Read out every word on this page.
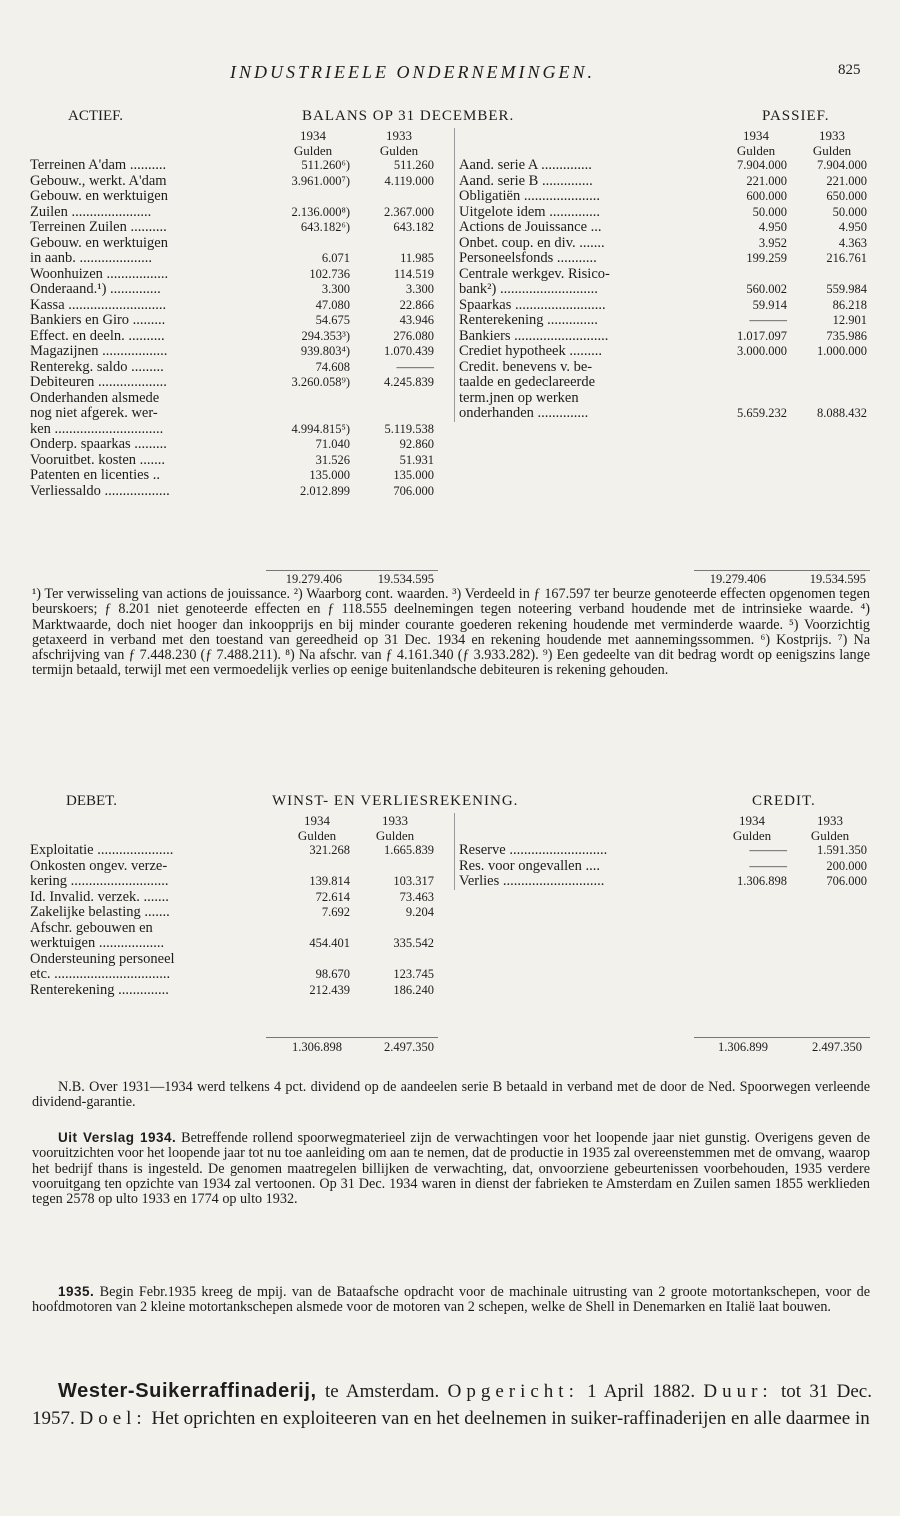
INDUSTRIEELE ONDERNEMINGEN.	825
ACTIEF.	BALANS OP 31 DECEMBER.	PASSIEF.
1934
Gulden
1933
Gulden
Terreinen A'dam ..........	511.260⁶)	511.260
Gebouw., werkt. A'dam	3.961.000⁷)	4.119.000
Gebouw. en werktuigen
Zuilen ......................	2.136.000⁸)	2.367.000
Terreinen Zuilen ..........	643.182⁶)	643.182
Gebouw. en werktuigen
in aanb. ....................	6.071	11.985
Woonhuizen .................	102.736	114.519
Onderaand.¹) ..............	3.300	3.300
Kassa ...........................	47.080	22.866
Bankiers en Giro .........	54.675	43.946
Effect. en deeln. ..........	294.353³)	276.080
Magazijnen ..................	939.803⁴)	1.070.439
Renterekg. saldo .........	74.608	———
Debiteuren ...................	3.260.058⁹)	4.245.839
Onderhanden alsmede
nog niet afgerek. wer-
ken ..............................	4.994.815⁵)	5.119.538
Onderp. spaarkas .........	71.040	92.860
Vooruitbet. kosten .......	31.526	51.931
Patenten en licenties ..	135.000	135.000
Verliessaldo ..................	2.012.899	706.000
1934
Gulden
1933
Gulden
Aand. serie A ..............	7.904.000	7.904.000
Aand. serie B ..............	221.000	221.000
Obligatiën .....................	600.000	650.000
Uitgelote idem ..............	50.000	50.000
Actions de Jouissance ...	4.950	4.950
Onbet. coup. en div. .......	3.952	4.363
Personeelsfonds ...........	199.259	216.761
Centrale werkgev. Risico-
bank²) ...........................	560.002	559.984
Spaarkas .........................	59.914	86.218
Renterekening ..............	———	12.901
Bankiers ..........................	1.017.097	735.986
Crediet hypotheek .........	3.000.000	1.000.000
Credit. benevens v. be-
taalde en gedeclareerde
term.jnen op werken
onderhanden ..............	5.659.232	8.088.432
19.279.406	19.534.595	19.279.406	19.534.595
¹) Ter verwisseling van actions de jouissance. ²) Waarborg cont. waarden. ³) Verdeeld in ƒ 167.597 ter beurze genoteerde effecten opgenomen tegen beurskoers; ƒ 8.201 niet genoteerde effecten en ƒ 118.555 deelnemingen tegen noteering verband houdende met de intrinsieke waarde. ⁴) Marktwaarde, doch niet hooger dan inkoopprijs en bij minder courante goederen rekening houdende met verminderde waarde. ⁵) Voorzichtig getaxeerd in verband met den toestand van gereedheid op 31 Dec. 1934 en rekening houdende met aannemingssommen. ⁶) Kostprijs. ⁷) Na afschrijving van ƒ 7.448.230 (ƒ 7.488.211). ⁸) Na afschr. van ƒ 4.161.340 (ƒ 3.933.282). ⁹) Een gedeelte van dit bedrag wordt op eenigszins lange termijn betaald, terwijl met een vermoedelijk verlies op eenige buitenlandsche debiteuren is rekening gehouden.
DEBET.	WINST- EN VERLIESREKENING.	CREDIT.
1934
Gulden
1933
Gulden
Exploitatie .....................	321.268	1.665.839
Onkosten ongev. verze-
kering ...........................	139.814	103.317
Id. Invalid. verzek. .......	72.614	73.463
Zakelijke belasting .......	7.692	9.204
Afschr. gebouwen en
werktuigen ..................	454.401	335.542
Ondersteuning personeel
etc. ................................	98.670	123.745
Renterekening ..............	212.439	186.240
1934
Gulden
1933
Gulden
Reserve ...........................	———	1.591.350
Res. voor ongevallen ....	———	200.000
Verlies ............................	1.306.898	706.000
1.306.898	2.497.350	1.306.899	2.497.350
N.B. Over 1931—1934 werd telkens 4 pct. dividend op de aandeelen serie B betaald in verband met de door de Ned. Spoorwegen verleende dividend-garantie.
Uit Verslag 1934. Betreffende rollend spoorwegmaterieel zijn de verwachtingen voor het loopende jaar niet gunstig. Overigens geven de vooruitzichten voor het loopende jaar tot nu toe aanleiding om aan te nemen, dat de productie in 1935 zal overeenstemmen met de omvang, waarop het bedrijf thans is ingesteld. De genomen maatregelen billijken de verwachting, dat, onvoorziene gebeurtenissen voorbehouden, 1935 verdere vooruitgang ten opzichte van 1934 zal vertoonen. Op 31 Dec. 1934 waren in dienst der fabrieken te Amsterdam en Zuilen samen 1855 werklieden tegen 2578 op ulto 1933 en 1774 op ulto 1932.
1935. Begin Febr.1935 kreeg de mpij. van de Bataafsche opdracht voor de machinale uitrusting van 2 groote motortankschepen, voor de hoofdmotoren van 2 kleine motortankschepen alsmede voor de motoren van 2 schepen, welke de Shell in Denemarken en Italië laat bouwen.
Wester-Suikerraffinaderij, te Amsterdam. Opgericht: 1 April 1882. Duur: tot 31 Dec. 1957. Doel: Het oprichten en exploiteeren van en het deelnemen in suiker-raffinaderijen en alle daarmee in
